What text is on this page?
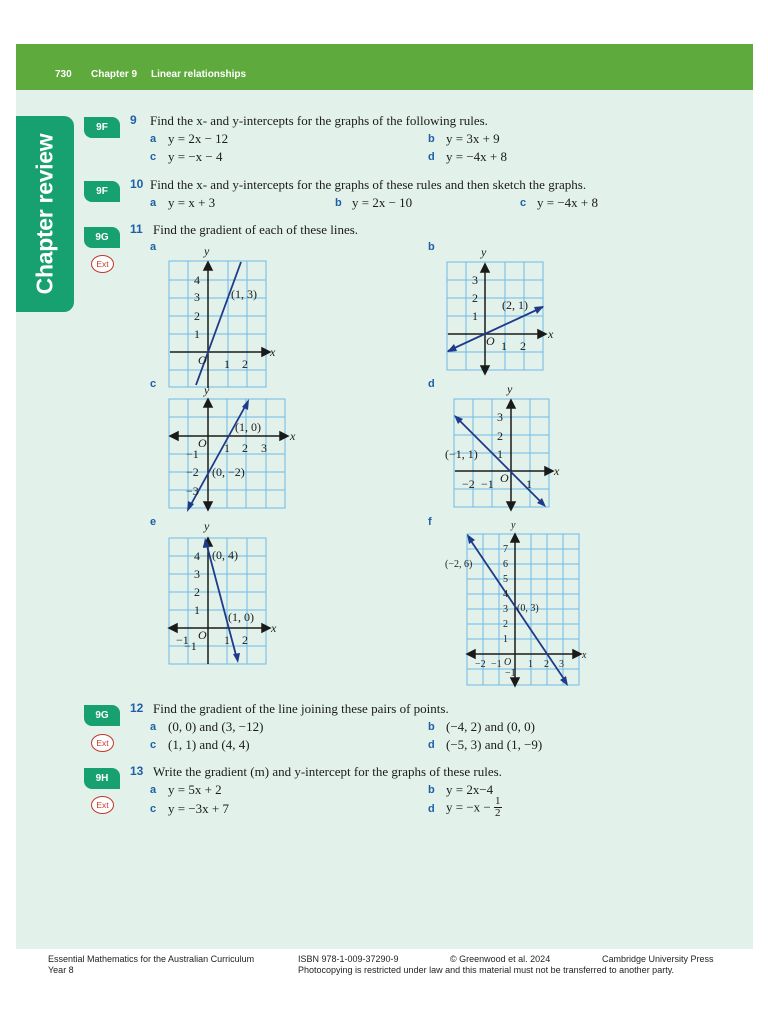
730 Chapter 9 Linear relationships
Chapter review
9F
9 Find the x- and y-intercepts for the graphs of the following rules.
a y = 2x − 12	b y = 3x + 9
c y = −x − 4	d y = −4x + 8
9F
10 Find the x- and y-intercepts for the graphs of these rules and then sketch the graphs.
a y = x + 3	b y = 2x − 10	c y = −4x + 8
9G
Ext
11 Find the gradient of each of these lines.
a	b
c	d
e	f
y
x
O 1 2
1
2
3
4
(1, 3)
y
x
O 1 2
1
2
3
(2, 1)
y
x
O 1 2 3
−1
−2
−3
(1, 0)
(0, −2)
y
x
O
−2 −1	1
1
2
3
(−1, 1)
y
x
O
−1	1 2
−1
1
2
3
4 (0, 4)
(1, 0)
y
x
O
−2 −1	1 2 3
−1
1
2
3
4
5
6
7
(−2, 6)
(0, 3)
9G
Ext
12 Find the gradient of the line joining these pairs of points.
a (0, 0) and (3, −12)	b (−4, 2) and (0, 0)
c (1, 1) and (4, 4)	d (−5, 3) and (1, −9)
9H
Ext
13 Write the gradient (m) and y-intercept for the graphs of these rules.
a y = 5x + 2	b y = 2x−4
c y = −3x + 7	d $y = -x - \frac{1}{2}$
Essential Mathematics for the Australian Curriculum
Year 8
ISBN 978-1-009-37290-9	© Greenwood et al. 2024	Cambridge University Press
Photocopying is restricted under law and this material must not be transferred to another party.
